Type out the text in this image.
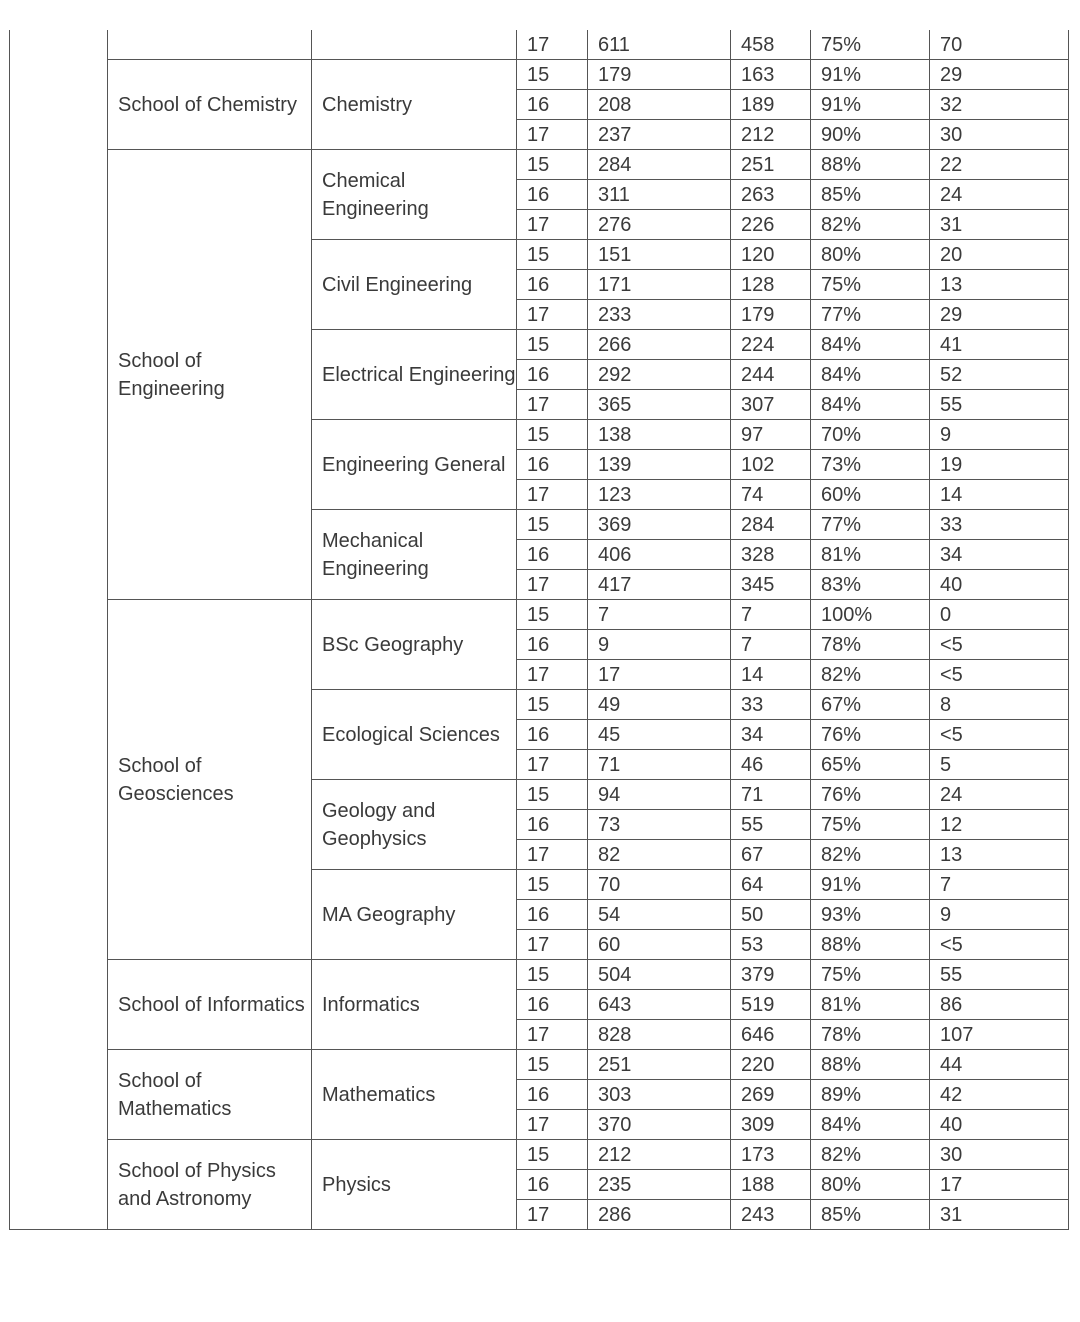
			17	611	458	75%	70
	School of Chemistry	Chemistry	15	179	163	91%	29
			16	208	189	91%	32
			17	237	212	90%	30
	School of Engineering	Chemical Engineering	15	284	251	88%	22
			16	311	263	85%	24
			17	276	226	82%	31
		Civil Engineering	15	151	120	80%	20
			16	171	128	75%	13
			17	233	179	77%	29
		Electrical Engineering	15	266	224	84%	41
			16	292	244	84%	52
			17	365	307	84%	55
		Engineering General	15	138	97	70%	9
			16	139	102	73%	19
			17	123	74	60%	14
		Mechanical Engineering	15	369	284	77%	33
			16	406	328	81%	34
			17	417	345	83%	40
	School of Geosciences	BSc Geography	15	7	7	100%	0
			16	9	7	78%	<5
			17	17	14	82%	<5
		Ecological Sciences	15	49	33	67%	8
			16	45	34	76%	<5
			17	71	46	65%	5
		Geology and Geophysics	15	94	71	76%	24
			16	73	55	75%	12
			17	82	67	82%	13
		MA Geography	15	70	64	91%	7
			16	54	50	93%	9
			17	60	53	88%	<5
	School of Informatics	Informatics	15	504	379	75%	55
			16	643	519	81%	86
			17	828	646	78%	107
	School of Mathematics	Mathematics	15	251	220	88%	44
			16	303	269	89%	42
			17	370	309	84%	40
	School of Physics and Astronomy	Physics	15	212	173	82%	30
			16	235	188	80%	17
			17	286	243	85%	31
